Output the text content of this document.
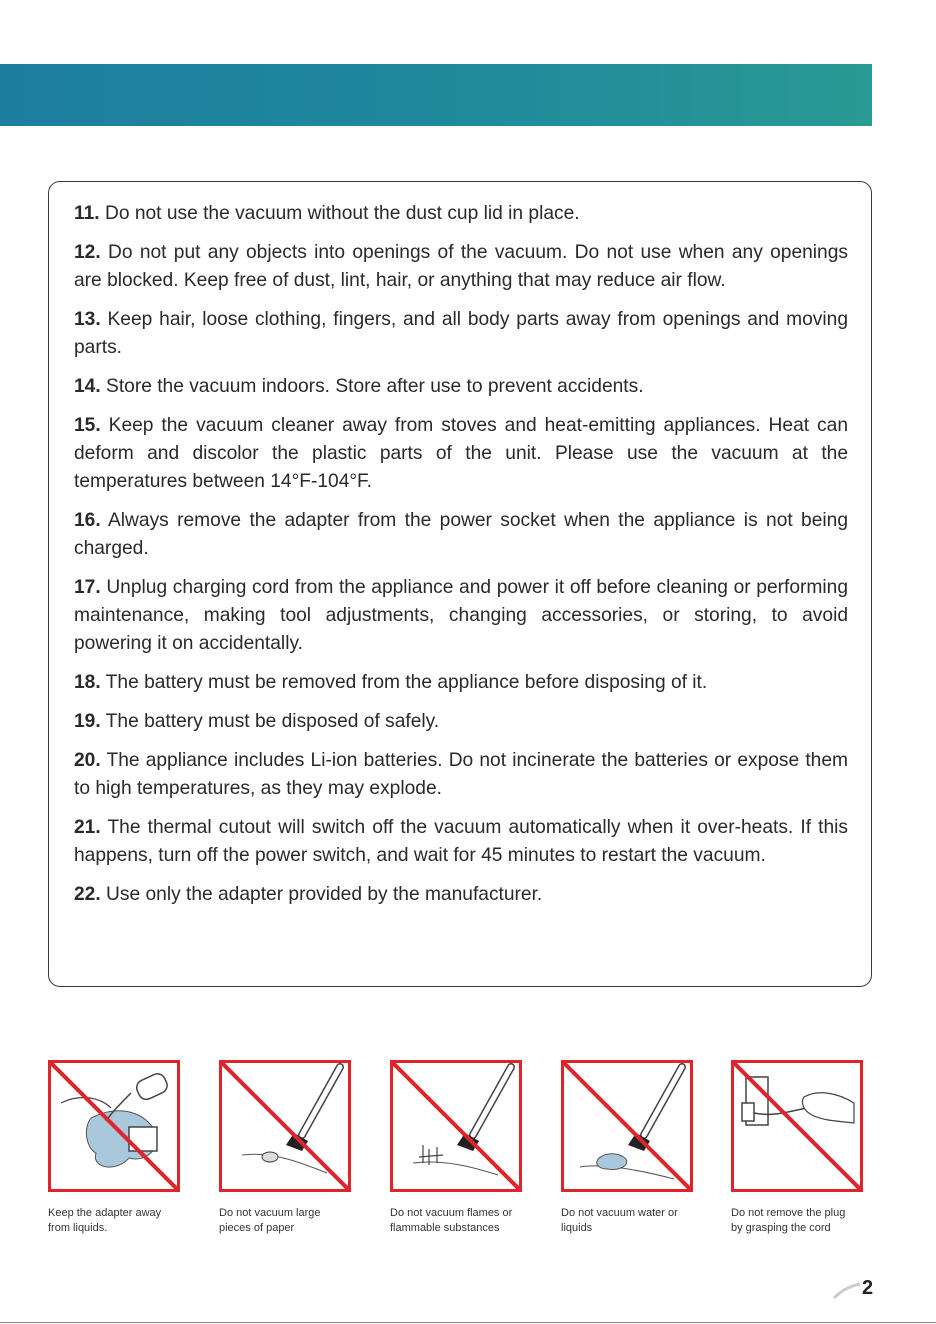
11. Do not use the vacuum without the dust cup lid in place.

12. Do not put any objects into openings of the vacuum. Do not use when any openings are blocked. Keep free of dust, lint, hair, or anything that may reduce air flow.

13. Keep hair, loose clothing, fingers, and all body parts away from openings and moving parts.

14. Store the vacuum indoors. Store after use to prevent accidents.

15. Keep the vacuum cleaner away from stoves and heat-emitting appliances. Heat can deform and discolor the plastic parts of the unit. Please use the vacuum at the temperatures between 14°F-104°F.

16. Always remove the adapter from the power socket when the appliance is not being charged.

17. Unplug charging cord from the appliance and power it off before cleaning or performing maintenance, making tool adjustments, changing accessories, or storing, to avoid powering it on accidentally.

18. The battery must be removed from the appliance before disposing of it.

19. The battery must be disposed of safely.

20. The appliance includes Li-ion batteries. Do not incinerate the batteries or expose them to high temperatures, as they may explode.

21. The thermal cutout will switch off the vacuum automatically when it over-heats. If this happens, turn off the power switch, and wait for 45 minutes to restart the vacuum.

22. Use only the adapter provided by the manufacturer.

Keep the adapter away from liquids.
Do not vacuum large pieces of paper
Do not vacuum flames or flammable substances
Do not vacuum water or liquids
Do not remove the plug by grasping the cord
2
